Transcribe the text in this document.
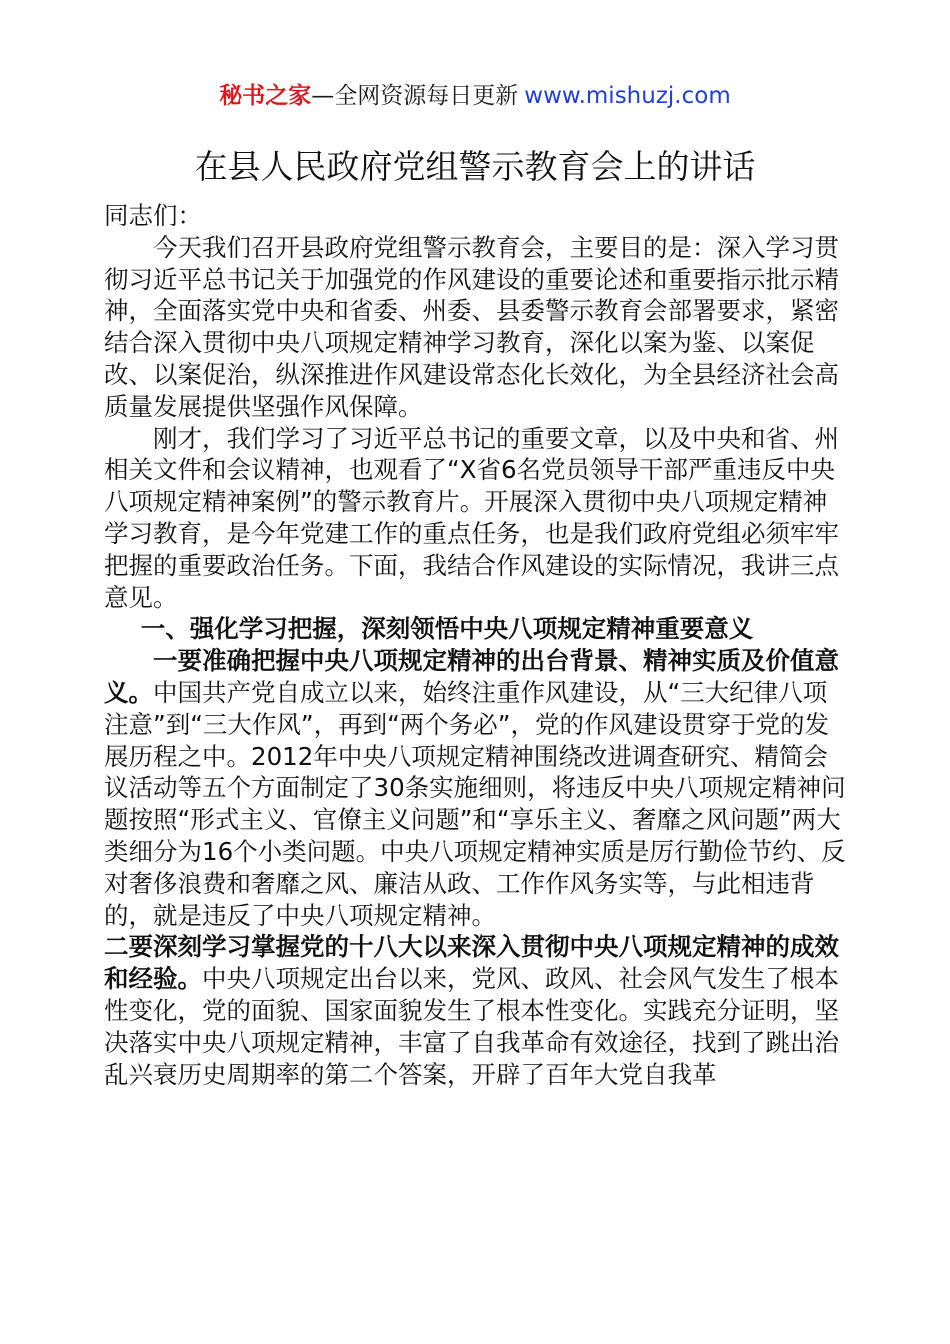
秘书之家—全网资源每日更新 www.mishuzj.com
在县人民政府党组警示教育会上的讲话

同志们：

今天我们召开县政府党组警示教育会，主要目的是：深入学习贯彻习近平总书记关于加强党的作风建设的重要论述和重要指示批示精神，全面落实党中央和省委、州委、县委警示教育会部署要求，紧密结合深入贯彻中央八项规定精神学习教育，深化以案为鉴、以案促改、以案促治，纵深推进作风建设常态化长效化，为全县经济社会高质量发展提供坚强作风保障。

刚才，我们学习了习近平总书记的重要文章，以及中央和省、州相关文件和会议精神，也观看了“X省6名党员领导干部严重违反中央八项规定精神案例”的警示教育片。开展深入贯彻中央八项规定精神学习教育，是今年党建工作的重点任务，也是我们政府党组必须牢牢把握的重要政治任务。下面，我结合作风建设的实际情况，我讲三点意见。

一、强化学习把握，深刻领悟中央八项规定精神重要意义

一要准确把握中央八项规定精神的出台背景、精神实质及价值意义。中国共产党自成立以来，始终注重作风建设，从“三大纪律八项注意”到“三大作风”，再到“两个务必”，党的作风建设贯穿于党的发展历程之中。2012年中央八项规定精神围绕改进调查研究、精简会议活动等五个方面制定了30条实施细则，将违反中央八项规定精神问题按照“形式主义、官僚主义问题”和“享乐主义、奢靡之风问题”两大类细分为16个小类问题。中央八项规定精神实质是厉行勤俭节约、反对奢侈浪费和奢靡之风、廉洁从政、工作作风务实等，与此相违背的，就是违反了中央八项规定精神。

二要深刻学习掌握党的十八大以来深入贯彻中央八项规定精神的成效和经验。中央八项规定出台以来，党风、政风、社会风气发生了根本性变化，党的面貌、国家面貌发生了根本性变化。实践充分证明，坚决落实中央八项规定精神，丰富了自我革命有效途径，找到了跳出治乱兴衰历史周期率的第二个答案，开辟了百年大党自我革
